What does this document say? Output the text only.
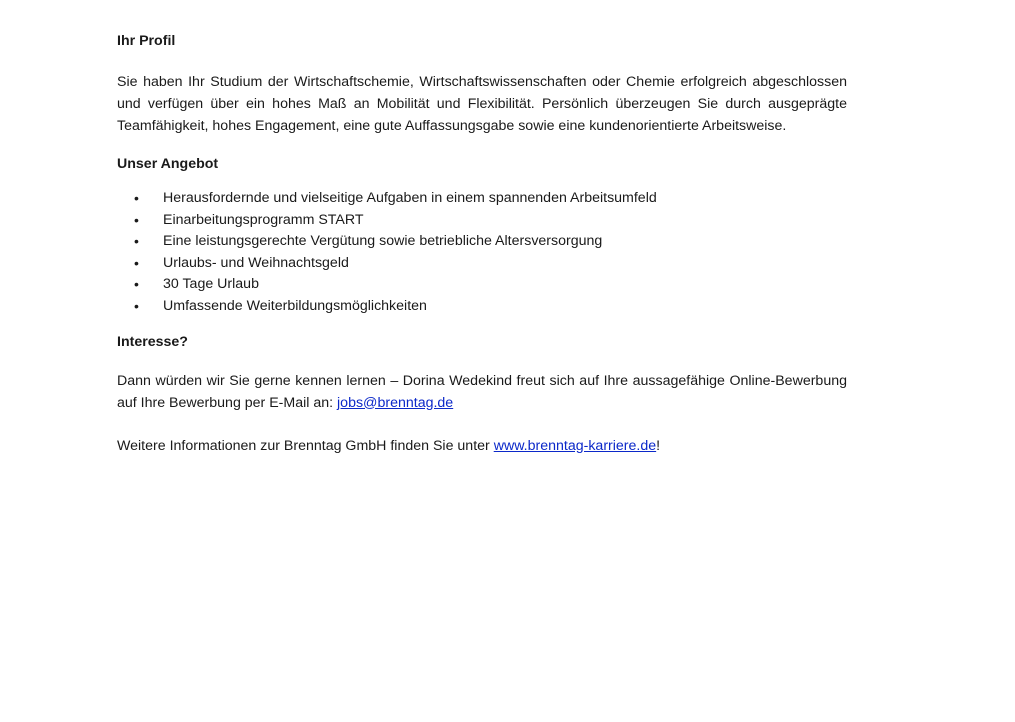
Ihr Profil

Sie haben Ihr Studium der Wirtschaftschemie, Wirtschaftswissenschaften oder Chemie erfolgreich abgeschlossen und verfügen über ein hohes Maß an Mobilität und Flexibilität. Persönlich überzeugen Sie durch ausgeprägte Teamfähigkeit, hohes Engagement, eine gute Auffassungsgabe sowie eine kundenorientierte Arbeitsweise.

Unser Angebot
• Herausfordernde und vielseitige Aufgaben in einem spannenden Arbeitsumfeld
• Einarbeitungsprogramm START
• Eine leistungsgerechte Vergütung sowie betriebliche Altersversorgung
• Urlaubs- und Weihnachtsgeld
• 30 Tage Urlaub
• Umfassende Weiterbildungsmöglichkeiten
Interesse?

Dann würden wir Sie gerne kennen lernen – Dorina Wedekind freut sich auf Ihre aussagefähige Online-Bewerbung auf Ihre Bewerbung per E-Mail an: jobs@brenntag.de

Weitere Informationen zur Brenntag GmbH finden Sie unter www.brenntag-karriere.de!
